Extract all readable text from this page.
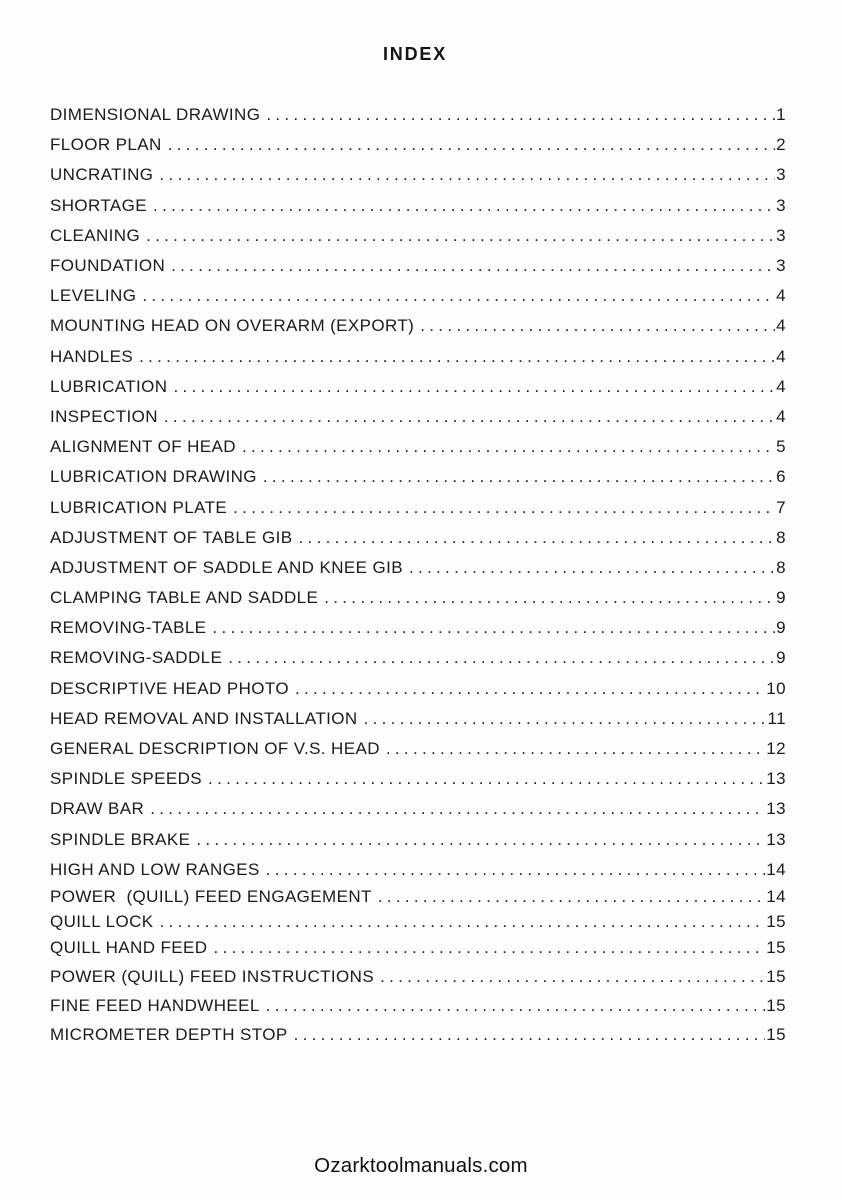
INDEX
DIMENSIONAL DRAWING .....	1
FLOOR PLAN .....	2
UNCRATING .....	3
SHORTAGE .....	3
CLEANING .....	3
FOUNDATION .....	3
LEVELING .....	4
MOUNTING HEAD ON OVERARM (EXPORT) .....	4
HANDLES .....	4
LUBRICATION .....	4
INSPECTION .....	4
ALIGNMENT OF HEAD .....	5
LUBRICATION DRAWING .....	6
LUBRICATION PLATE .....	7
ADJUSTMENT OF TABLE GIB .....	8
ADJUSTMENT OF SADDLE AND KNEE GIB .....	8
CLAMPING TABLE AND SADDLE .....	9
REMOVING-TABLE .....	9
REMOVING-SADDLE .....	9
DESCRIPTIVE HEAD PHOTO .....	10
HEAD REMOVAL AND INSTALLATION .....	11
GENERAL DESCRIPTION OF V.S. HEAD .....	12
SPINDLE SPEEDS .....	13
DRAW BAR .....	13
SPINDLE BRAKE .....	13
HIGH AND LOW RANGES .....	14
POWER  (QUILL) FEED ENGAGEMENT .....	14
QUILL LOCK .....	15
QUILL HAND FEED .....	15
POWER (QUILL) FEED INSTRUCTIONS .....	15
FINE FEED HANDWHEEL .....	15
MICROMETER DEPTH STOP .....	15
Ozarktoolmanuals.com
